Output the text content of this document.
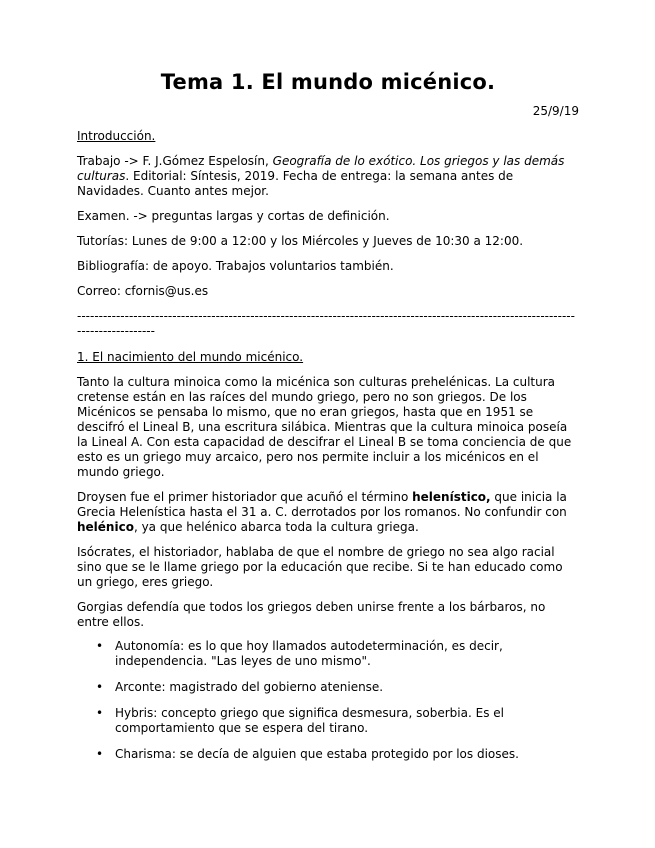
Tema 1. El mundo micénico.
25/9/19

Introducción.

Trabajo -> F. J.Gómez Espelosín, Geografía de lo exótico. Los griegos y las demás culturas. Editorial: Síntesis, 2019. Fecha de entrega: la semana antes de Navidades. Cuanto antes mejor.

Examen. -> preguntas largas y cortas de definición.

Tutorías: Lunes de 9:00 a 12:00 y los Miércoles y Jueves de 10:30 a 12:00.

Bibliografía: de apoyo. Trabajos voluntarios también.

Correo: cfornis@us.es

-------------------------------------------------------------------------------------------------------------------------------------

1. El nacimiento del mundo micénico.

Tanto la cultura minoica como la micénica son culturas prehelénicas. La cultura cretense están en las raíces del mundo griego, pero no son griegos. De los Micénicos se pensaba lo mismo, que no eran griegos, hasta que en 1951 se descifró el Lineal B, una escritura silábica. Mientras que la cultura minoica poseía la Lineal A. Con esta capacidad de descifrar el Lineal B se toma conciencia de que esto es un griego muy arcaico, pero nos permite incluir a los micénicos en el mundo griego.

Droysen fue el primer historiador que acuñó el término helenístico, que inicia la Grecia Helenística hasta el 31 a. C. derrotados por los romanos. No confundir con helénico, ya que helénico abarca toda la cultura griega.

Isócrates, el historiador, hablaba de que el nombre de griego no sea algo racial sino que se le llame griego por la educación que recibe. Si te han educado como un griego, eres griego.

Gorgias defendía que todos los griegos deben unirse frente a los bárbaros, no entre ellos.

• Autonomía: es lo que hoy llamados autodeterminación, es decir, independencia. "Las leyes de uno mismo".
• Arconte: magistrado del gobierno ateniense.
• Hybris: concepto griego que significa desmesura, soberbia. Es el comportamiento que se espera del tirano.
• Charisma: se decía de alguien que estaba protegido por los dioses.
